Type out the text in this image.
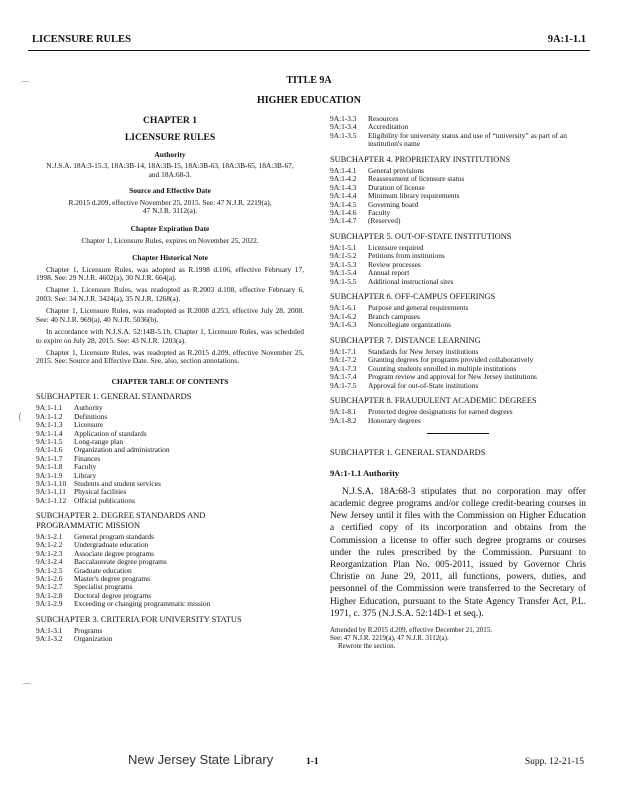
LICENSURE RULES	9A:1-1.1
TITLE 9A
HIGHER EDUCATION
⌒
(
⌒
CHAPTER 1
LICENSURE RULES
Authority
N.J.S.A. 18A:3-15.3, 18A:3B-14, 18A:3B-15, 18A:3B-63, 18A:3B-65, 18A:3B-67, and 18A:68-3.
Source and Effective Date
R.2015 d.209, effective November 25, 2015. See: 47 N.J.R. 2219(a), 47 N.J.R. 3112(a).
Chapter Expiration Date
Chapter 1, Licensure Rules, expires on November 25, 2022.
Chapter Historical Note

Chapter 1, Licensure Rules, was adopted as R.1998 d.106, effective February 17, 1998. See: 29 N.J.R. 4602(a), 30 N.J.R. 664(a).

Chapter 1, Licensure Rules, was readopted as R.2003 d.108, effective February 6, 2003. See: 34 N.J.R. 3424(a), 35 N.J.R. 1268(a).

Chapter 1, Licensure Rules, was readopted as R.2008 d.253, effective July 28, 2008. See: 40 N.J.R. 969(a), 40 N.J.R. 5036(b).

In accordance with N.J.S.A. 52:14B-5.1b, Chapter 1, Licensure Rules, was scheduled to expire on July 28, 2015. See: 43 N.J.R. 1203(a).

Chapter 1, Licensure Rules, was readopted as R.2015 d.209, effective November 25, 2015. See: Source and Effective Date. See, also, section annotations.

CHAPTER TABLE OF CONTENTS
SUBCHAPTER 1. GENERAL STANDARDS
9A:1-1.1	Authority
9A:1-1.2	Definitions
9A:1-1.3	Licensure
9A:1-1.4	Application of standards
9A:1-1.5	Long-range plan
9A:1-1.6	Organization and administration
9A:1-1.7	Finances
9A:1-1.8	Faculty
9A:1-1.9	Library
9A:1-1.10	Students and student services
9A:1-1.11	Physical facilities
9A:1-1.12	Official publications
SUBCHAPTER 2. DEGREE STANDARDS AND PROGRAMMATIC MISSION
9A:1-2.1	General program standards
9A:1-2.2	Undergraduate education
9A:1-2.3	Associate degree programs
9A:1-2.4	Baccalaureate degree programs
9A:1-2.5	Graduate education
9A:1-2.6	Master's degree programs
9A:1-2.7	Specialist programs
9A:1-2.8	Doctoral degree programs
9A:1-2.9	Exceeding or changing programmatic mission
SUBCHAPTER 3. CRITERIA FOR UNIVERSITY STATUS
9A:1-3.1	Programs
9A:1-3.2	Organization
9A:1-3.3	Resources
9A:1-3.4	Accreditation
9A:1-3.5	Eligibility for university status and use of “university” as part of an institution's name
SUBCHAPTER 4. PROPRIETARY INSTITUTIONS
9A:1-4.1	General provisions
9A:1-4.2	Reassessment of licensure status
9A:1-4.3	Duration of license
9A:1-4.4	Minimum library requirements
9A:1-4.5	Governing board
9A:1-4.6	Faculty
9A:1-4.7	(Reserved)
SUBCHAPTER 5. OUT-OF-STATE INSTITUTIONS
9A:1-5.1	Licensure required
9A:1-5.2	Petitions from institutions
9A:1-5.3	Review processes
9A:1-5.4	Annual report
9A:1-5.5	Additional instructional sites
SUBCHAPTER 6. OFF-CAMPUS OFFERINGS
9A:1-6.1	Purpose and general requirements
9A:1-6.2	Branch campuses
9A:1-6.3	Noncollegiate organizations
SUBCHAPTER 7. DISTANCE LEARNING
9A:1-7.1	Standards for New Jersey institutions
9A:1-7.2	Granting degrees for programs provided collaboratively
9A:1-7.3	Counting students enrolled in multiple institutions
9A:1-7.4	Program review and approval for New Jersey institutions
9A:1-7.5	Approval for out-of-State institutions
SUBCHAPTER 8. FRAUDULENT ACADEMIC DEGREES
9A:1-8.1	Protected degree designations for earned degrees
9A:1-8.2	Honorary degrees
SUBCHAPTER 1. GENERAL STANDARDS
9A:1-1.1 Authority

N.J.S.A. 18A:68-3 stipulates that no corporation may offer academic degree programs and/or college credit-bearing courses in New Jersey until it files with the Commission on Higher Education a certified copy of its incorporation and obtains from the Commission a license to offer such degree programs or courses under the rules prescribed by the Commission. Pursuant to Reorganization Plan No. 005-2011, issued by Governor Chris Christie on June 29, 2011, all functions, powers, duties, and personnel of the Commission were transferred to the Secretary of Higher Education, pursuant to the State Agency Transfer Act, P.L. 1971, c. 375 (N.J.S.A. 52:14D-1 et seq.).

Amended by R.2015 d.209, effective December 21, 2015.
See: 47 N.J.R. 2219(a), 47 N.J.R. 3112(a).
Rewrote the section.
New Jersey State Library	1-1	Supp. 12-21-15
